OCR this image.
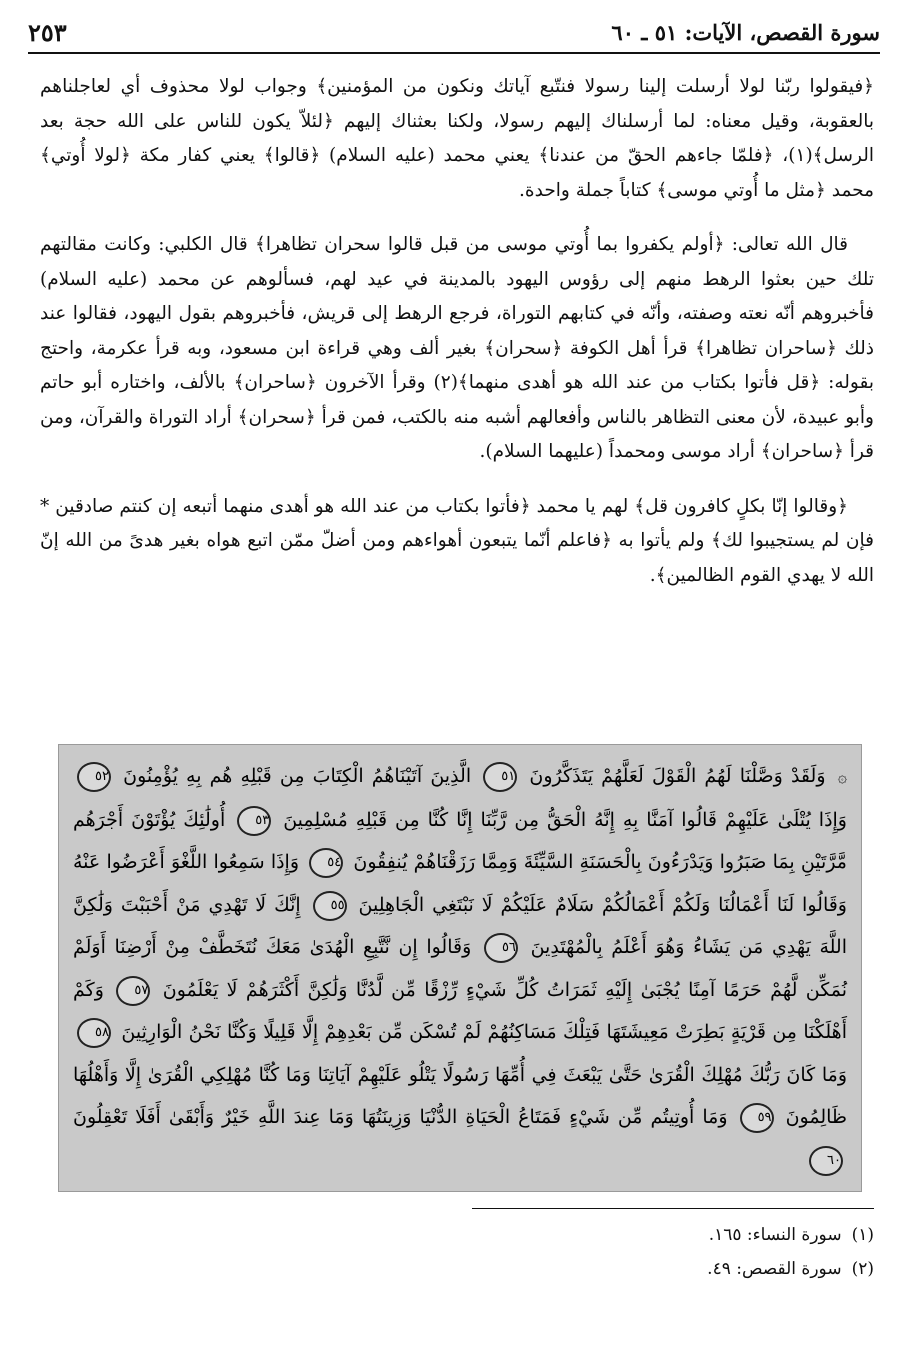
سورة القصص، الآيات: ٥١ ـ ٦٠
٢٥٣

﴿فيقولوا ربّنا لولا أرسلت إلينا رسولا فنتّبع آياتك ونكون من المؤمنين﴾ وجواب لولا محذوف أي لعاجلناهم بالعقوبة، وقيل معناه: لما أرسلناك إليهم رسولا، ولكنا بعثناك إليهم ﴿لئلاّ يكون للناس على الله حجة بعد الرسل﴾(١)، ﴿فلمّا جاءهم الحقّ من عندنا﴾ يعني محمد (عليه السلام) ﴿قالوا﴾ يعني كفار مكة ﴿لولا أُوتي﴾ محمد ﴿مثل ما أُوتي موسى﴾ كتاباً جملة واحدة.

قال الله تعالى: ﴿أولم يكفروا بما أُوتي موسى من قبل قالوا سحران تظاهرا﴾ قال الكلبي: وكانت مقالتهم تلك حين بعثوا الرهط منهم إلى رؤوس اليهود بالمدينة في عيد لهم، فسألوهم عن محمد (عليه السلام) فأخبروهم أنّه نعته وصفته، وأنّه في كتابهم التوراة، فرجع الرهط إلى قريش، فأخبروهم بقول اليهود، فقالوا عند ذلك ﴿ساحران تظاهرا﴾ قرأ أهل الكوفة ﴿سحران﴾ بغير ألف وهي قراءة ابن مسعود، وبه قرأ عكرمة، واحتج بقوله: ﴿قل فأتوا بكتاب من عند الله هو أهدى منهما﴾(٢) وقرأ الآخرون ﴿ساحران﴾ بالألف، واختاره أبو حاتم وأبو عبيدة، لأن معنى التظاهر بالناس وأفعالهم أشبه منه بالكتب، فمن قرأ ﴿سحران﴾ أراد التوراة والقرآن، ومن قرأ ﴿ساحران﴾ أراد موسى ومحمداً (عليهما السلام).

﴿وقالوا إنّا بكلٍ كافرون قل﴾ لهم يا محمد ﴿فأتوا بكتاب من عند الله هو أهدى منهما أتبعه إن كنتم صادقين * فإن لم يستجيبوا لك﴾ ولم يأتوا به ﴿فاعلم أنّما يتبعون أهواءهم ومن أضلّ ممّن اتبع هواه بغير هدىً من الله إنّ الله لا يهدي القوم الظالمين﴾.

۞ وَلَقَدْ وَصَّلْنَا لَهُمُ الْقَوْلَ لَعَلَّهُمْ يَتَذَكَّرُونَ ٥١ الَّذِينَ آتَيْنَاهُمُ الْكِتَابَ مِن قَبْلِهِ هُم بِهِ يُؤْمِنُونَ ٥٢ وَإِذَا يُتْلَىٰ عَلَيْهِمْ قَالُوا آمَنَّا بِهِ إِنَّهُ الْحَقُّ مِن رَّبِّنَا إِنَّا كُنَّا مِن قَبْلِهِ مُسْلِمِينَ ٥٣ أُولَٰئِكَ يُؤْتَوْنَ أَجْرَهُم مَّرَّتَيْنِ بِمَا صَبَرُوا وَيَدْرَءُونَ بِالْحَسَنَةِ السَّيِّئَةَ وَمِمَّا رَزَقْنَاهُمْ يُنفِقُونَ ٥٤ وَإِذَا سَمِعُوا اللَّغْوَ أَعْرَضُوا عَنْهُ وَقَالُوا لَنَا أَعْمَالُنَا وَلَكُمْ أَعْمَالُكُمْ سَلَامٌ عَلَيْكُمْ لَا نَبْتَغِي الْجَاهِلِينَ ٥٥ إِنَّكَ لَا تَهْدِي مَنْ أَحْبَبْتَ وَلَٰكِنَّ اللَّهَ يَهْدِي مَن يَشَاءُ وَهُوَ أَعْلَمُ بِالْمُهْتَدِينَ ٥٦ وَقَالُوا إِن نَّتَّبِعِ الْهُدَىٰ مَعَكَ نُتَخَطَّفْ مِنْ أَرْضِنَا أَوَلَمْ نُمَكِّن لَّهُمْ حَرَمًا آمِنًا يُجْبَىٰ إِلَيْهِ ثَمَرَاتُ كُلِّ شَيْءٍ رِّزْقًا مِّن لَّدُنَّا وَلَٰكِنَّ أَكْثَرَهُمْ لَا يَعْلَمُونَ ٥٧ وَكَمْ أَهْلَكْنَا مِن قَرْيَةٍ بَطِرَتْ مَعِيشَتَهَا فَتِلْكَ مَسَاكِنُهُمْ لَمْ تُسْكَن مِّن بَعْدِهِمْ إِلَّا قَلِيلًا وَكُنَّا نَحْنُ الْوَارِثِينَ ٥٨ وَمَا كَانَ رَبُّكَ مُهْلِكَ الْقُرَىٰ حَتَّىٰ يَبْعَثَ فِي أُمِّهَا رَسُولًا يَتْلُو عَلَيْهِمْ آيَاتِنَا وَمَا كُنَّا مُهْلِكِي الْقُرَىٰ إِلَّا وَأَهْلُهَا ظَالِمُونَ ٥٩ وَمَا أُوتِيتُم مِّن شَيْءٍ فَمَتَاعُ الْحَيَاةِ الدُّنْيَا وَزِينَتُهَا وَمَا عِندَ اللَّهِ خَيْرٌ وَأَبْقَىٰ أَفَلَا تَعْقِلُونَ ٦٠
(١)
سورة النساء: ١٦٥.
(٢)
سورة القصص: ٤٩.
